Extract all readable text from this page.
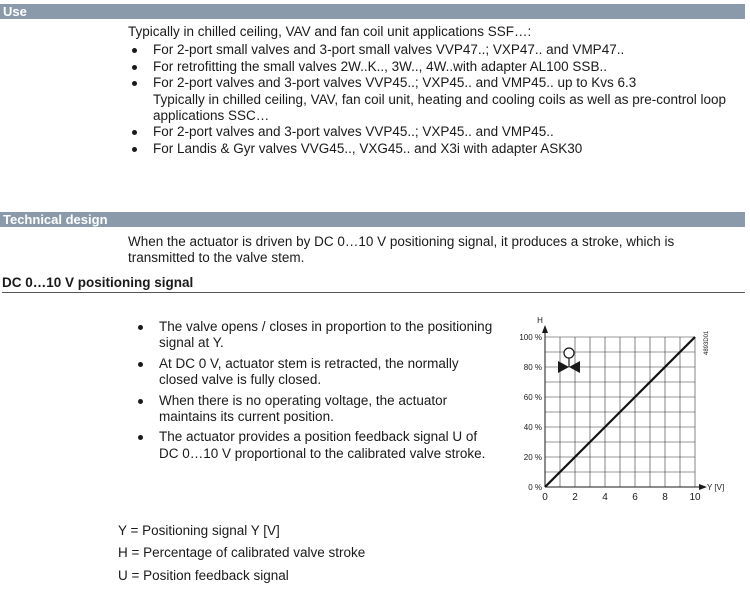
Use
Typically in chilled ceiling, VAV and fan coil unit applications SSF…:
For 2-port small valves and 3-port small valves VVP47..; VXP47.. and VMP47..
For retrofitting the small valves 2W..K.., 3W.., 4W..with adapter AL100 SSB..
For 2-port valves and 3-port valves VVP45..; VXP45.. and VMP45.. up to Kvs 6.3
Typically in chilled ceiling, VAV, fan coil unit, heating and cooling coils as well as pre-control loop applications SSC…
For 2-port valves and 3-port valves VVP45..; VXP45.. and VMP45..
For Landis & Gyr valves VVG45.., VXG45.. and X3i with adapter ASK30
Technical design
When the actuator is driven by DC 0…10 V positioning signal, it produces a stroke, which is transmitted to the valve stem.
DC 0…10 V positioning signal
The valve opens / closes in proportion to the positioning signal at Y.
At DC 0 V, actuator stem is retracted, the normally closed valve is fully closed.
When there is no operating voltage, the actuator maintains its current position.
The actuator provides a position feedback signal U of DC 0…10 V proportional to the calibrated valve stroke.
0 2 4 6 8 10
0 %
20 %
40 %
60 %
80 %
100 %
H
Y [V]
4893D01

Y = Positioning signal Y [V]

H = Percentage of calibrated valve stroke

U = Position feedback signal
